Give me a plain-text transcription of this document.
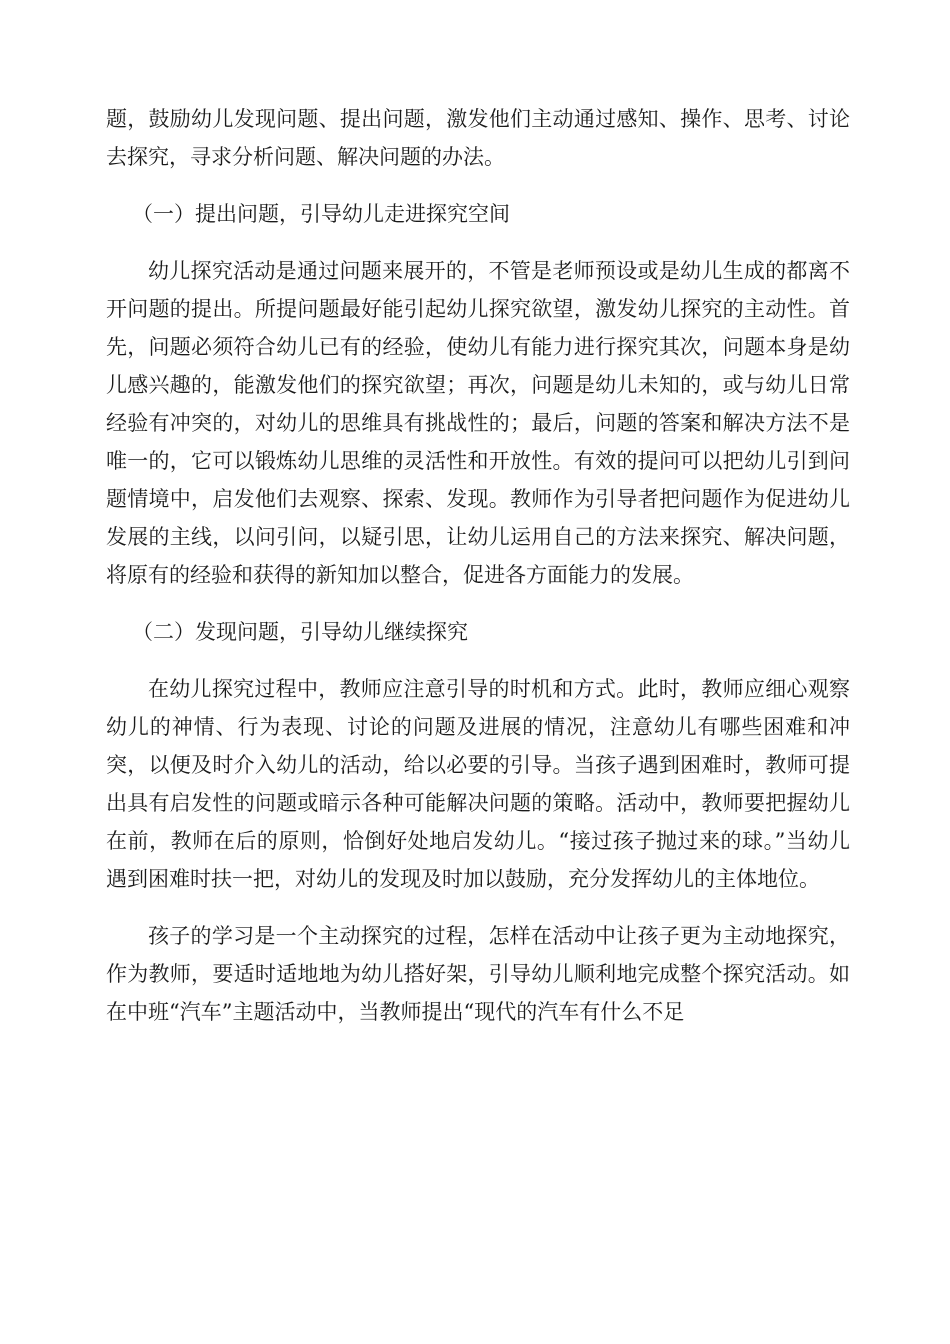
题，鼓励幼儿发现问题、提出问题，激发他们主动通过感知、操作、思考、讨论去探究，寻求分析问题、解决问题的办法。

（一）提出问题，引导幼儿走进探究空间

幼儿探究活动是通过问题来展开的，不管是老师预设或是幼儿生成的都离不开问题的提出。所提问题最好能引起幼儿探究欲望，激发幼儿探究的主动性。首先，问题必须符合幼儿已有的经验，使幼儿有能力进行探究其次，问题本身是幼儿感兴趣的，能激发他们的探究欲望；再次，问题是幼儿未知的，或与幼儿日常经验有冲突的，对幼儿的思维具有挑战性的；最后，问题的答案和解决方法不是唯一的，它可以锻炼幼儿思维的灵活性和开放性。有效的提问可以把幼儿引到问题情境中，启发他们去观察、探索、发现。教师作为引导者把问题作为促进幼儿发展的主线，以问引问，以疑引思，让幼儿运用自己的方法来探究、解决问题，将原有的经验和获得的新知加以整合，促进各方面能力的发展。

（二）发现问题，引导幼儿继续探究

在幼儿探究过程中，教师应注意引导的时机和方式。此时，教师应细心观察幼儿的神情、行为表现、讨论的问题及进展的情况，注意幼儿有哪些困难和冲突，以便及时介入幼儿的活动，给以必要的引导。当孩子遇到困难时，教师可提出具有启发性的问题或暗示各种可能解决问题的策略。活动中，教师要把握幼儿在前，教师在后的原则，恰倒好处地启发幼儿。“接过孩子抛过来的球。”当幼儿遇到困难时扶一把，对幼儿的发现及时加以鼓励，充分发挥幼儿的主体地位。

孩子的学习是一个主动探究的过程，怎样在活动中让孩子更为主动地探究，作为教师，要适时适地地为幼儿搭好架，引导幼儿顺利地完成整个探究活动。如在中班“汽车”主题活动中，当教师提出“现代的汽车有什么不足
